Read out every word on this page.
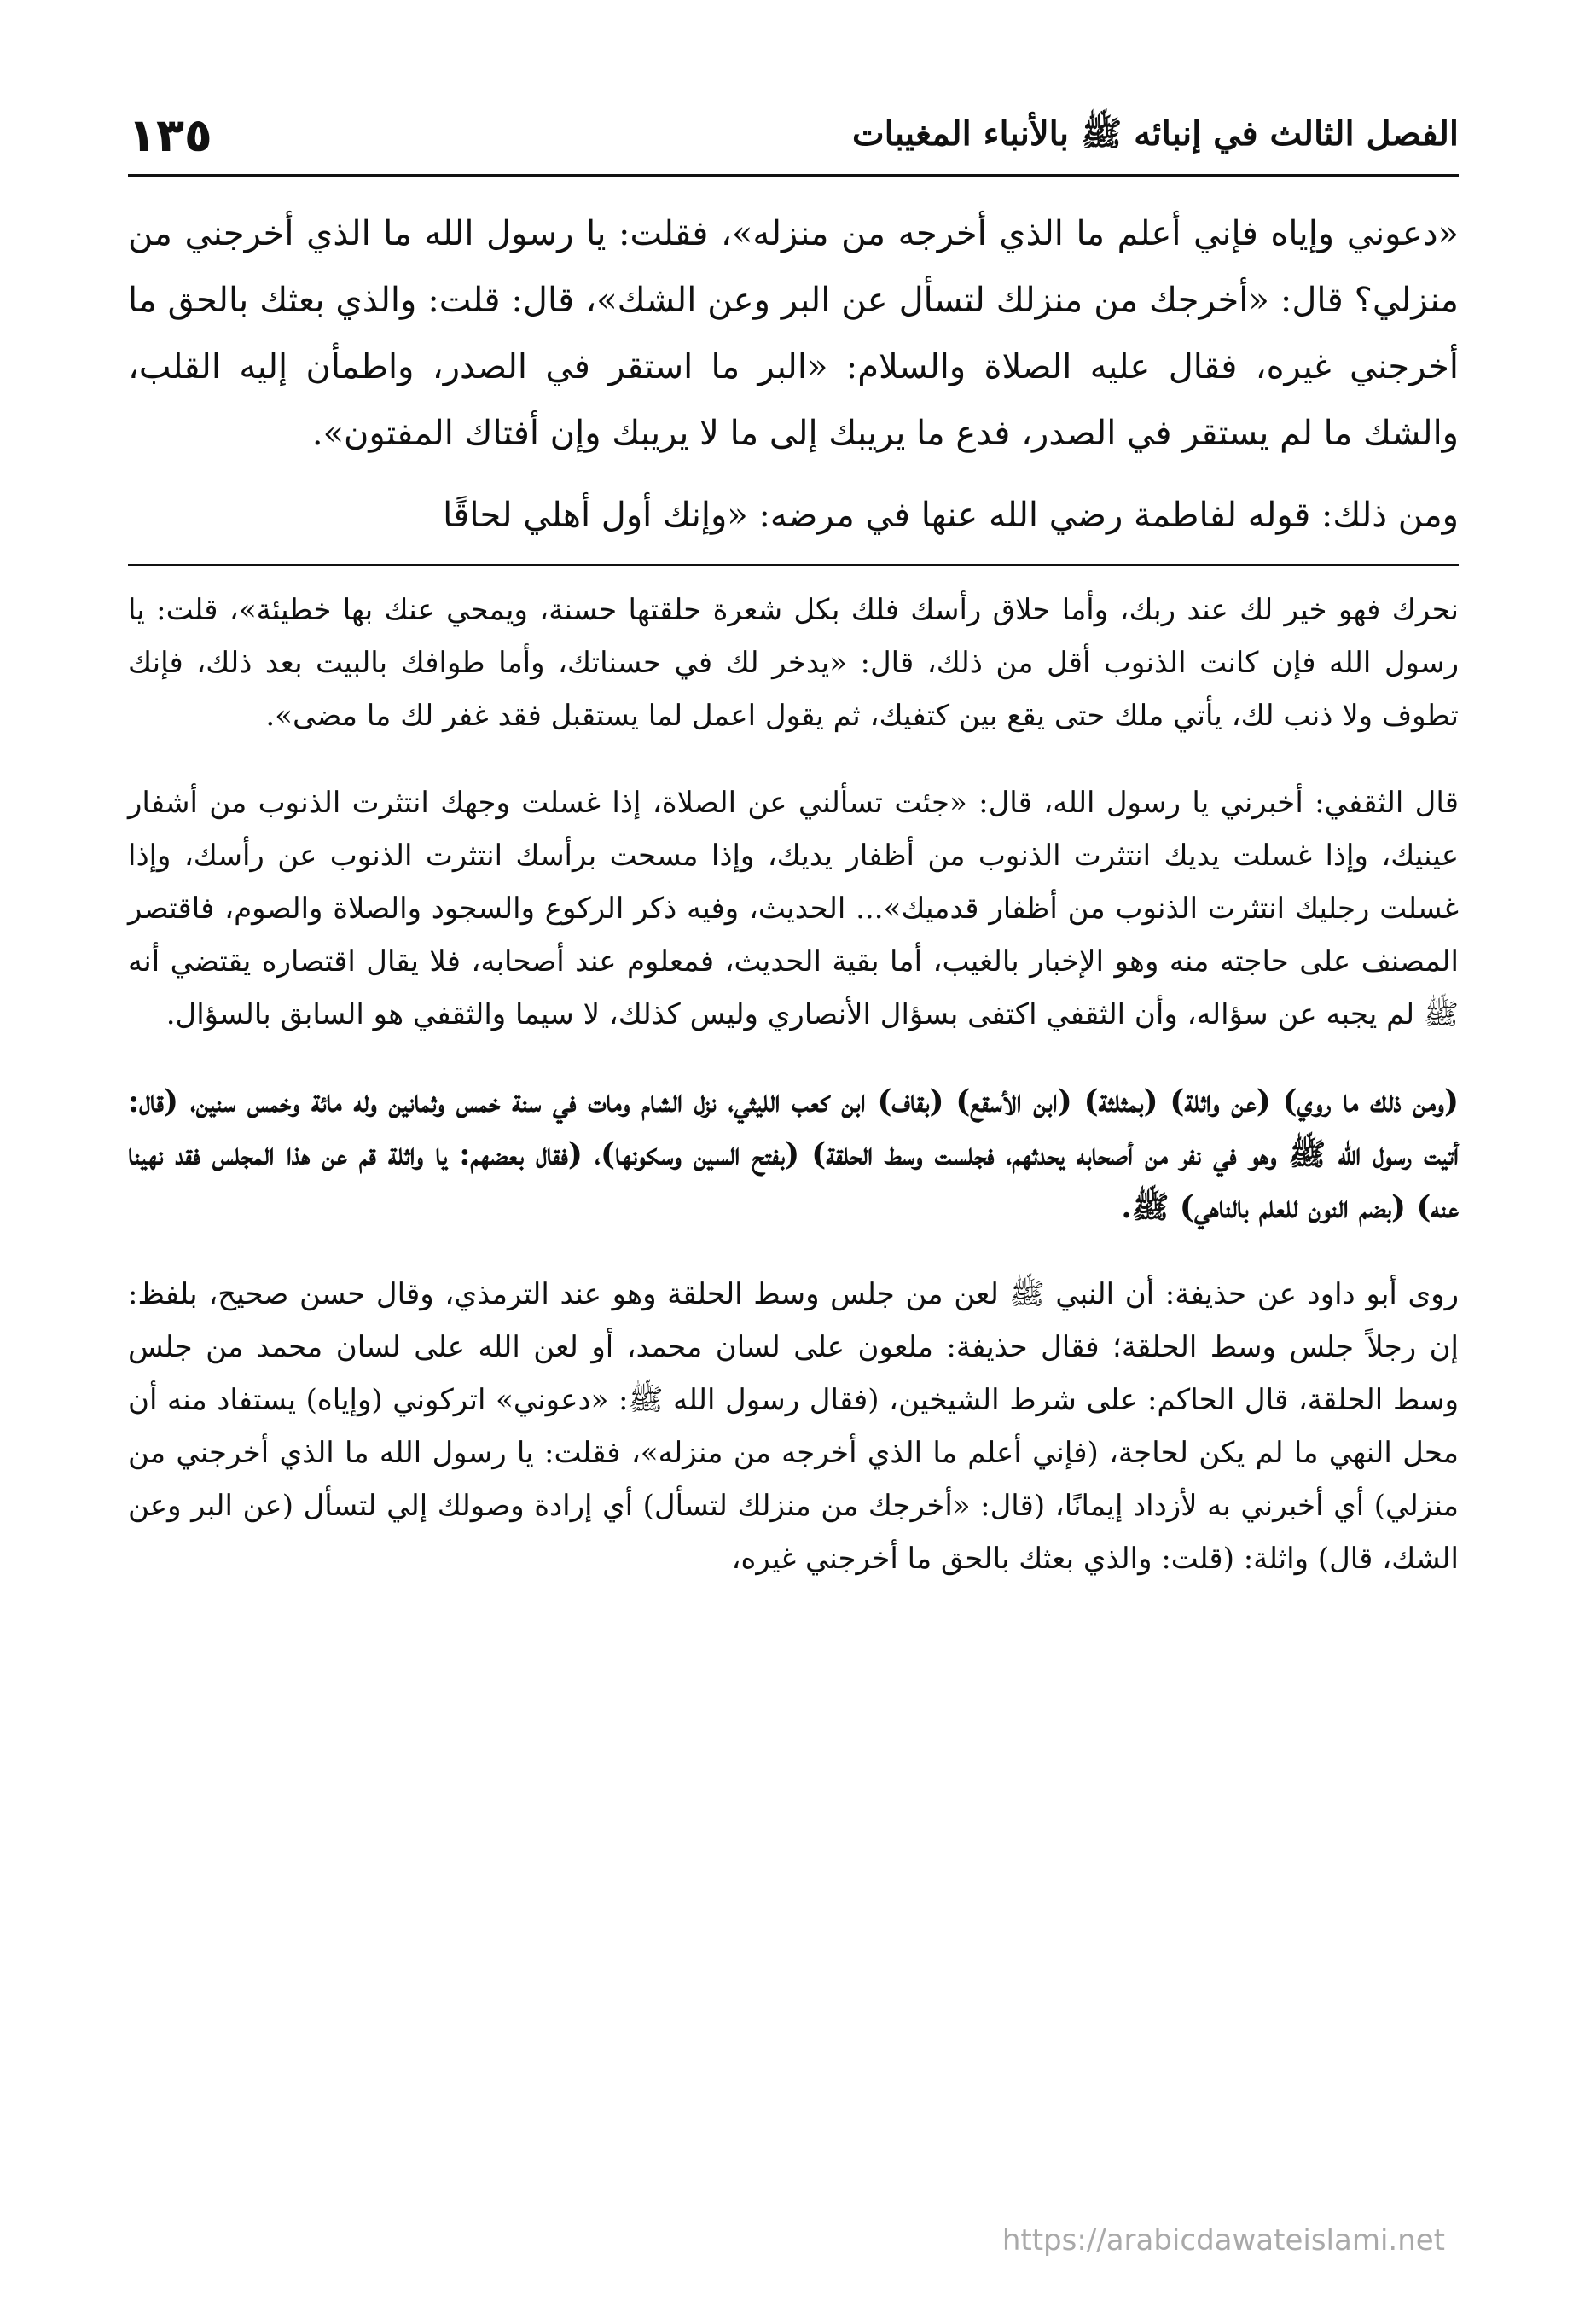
الفصل الثالث في إنبائه ﷺ بالأنباء المغيبات
١٣٥

«دعوني وإياه فإني أعلم ما الذي أخرجه من منزله»، فقلت: يا رسول الله ما الذي أخرجني من منزلي؟ قال: «أخرجك من منزلك لتسأل عن البر وعن الشك»، قال: قلت: والذي بعثك بالحق ما أخرجني غيره، فقال عليه الصلاة والسلام: «البر ما استقر في الصدر، واطمأن إليه القلب، والشك ما لم يستقر في الصدر، فدع ما يريبك إلى ما لا يريبك وإن أفتاك المفتون».

ومن ذلك: قوله لفاطمة رضي الله عنها في مرضه: «وإنك أول أهلي لحاقًا

نحرك فهو خير لك عند ربك، وأما حلاق رأسك فلك بكل شعرة حلقتها حسنة، ويمحي عنك بها خطيئة»، قلت: يا رسول الله فإن كانت الذنوب أقل من ذلك، قال: «يدخر لك في حسناتك، وأما طوافك بالبيت بعد ذلك، فإنك تطوف ولا ذنب لك، يأتي ملك حتى يقع بين كتفيك، ثم يقول اعمل لما يستقبل فقد غفر لك ما مضى».

قال الثقفي: أخبرني يا رسول الله، قال: «جئت تسألني عن الصلاة، إذا غسلت وجهك انتثرت الذنوب من أشفار عينيك، وإذا غسلت يديك انتثرت الذنوب من أظفار يديك، وإذا مسحت برأسك انتثرت الذنوب عن رأسك، وإذا غسلت رجليك انتثرت الذنوب من أظفار قدميك»... الحديث، وفيه ذكر الركوع والسجود والصلاة والصوم، فاقتصر المصنف على حاجته منه وهو الإخبار بالغيب، أما بقية الحديث، فمعلوم عند أصحابه، فلا يقال اقتصاره يقتضي أنه ﷺ لم يجبه عن سؤاله، وأن الثقفي اكتفى بسؤال الأنصاري وليس كذلك، لا سيما والثقفي هو السابق بالسؤال.

(ومن ذلك ما روي) (عن واثلة) (بمثلثة) (ابن الأسقع) (بقاف) ابن كعب الليثي، نزل الشام ومات في سنة خمس وثمانين وله مائة وخمس سنين، (قال: أتيت رسول الله ﷺ وهو في نفر من أصحابه يحدثهم، فجلست وسط الحلقة) (بفتح السين وسكونها)، (فقال بعضهم: يا واثلة قم عن هذا المجلس فقد نهينا عنه) (بضم النون للعلم بالناهي) ﷺ.

روى أبو داود عن حذيفة: أن النبي ﷺ لعن من جلس وسط الحلقة وهو عند الترمذي، وقال حسن صحيح، بلفظ: إن رجلاً جلس وسط الحلقة؛ فقال حذيفة: ملعون على لسان محمد، أو لعن الله على لسان محمد من جلس وسط الحلقة، قال الحاكم: على شرط الشيخين، (فقال رسول الله ﷺ: «دعوني» اتركوني (وإياه) يستفاد منه أن محل النهي ما لم يكن لحاجة، (فإني أعلم ما الذي أخرجه من منزله»، فقلت: يا رسول الله ما الذي أخرجني من منزلي) أي أخبرني به لأزداد إيمانًا، (قال: «أخرجك من منزلك لتسأل) أي إرادة وصولك إلي لتسأل (عن البر وعن الشك، قال) واثلة: (قلت: والذي بعثك بالحق ما أخرجني غيره،

https://arabicdawateislami.net
